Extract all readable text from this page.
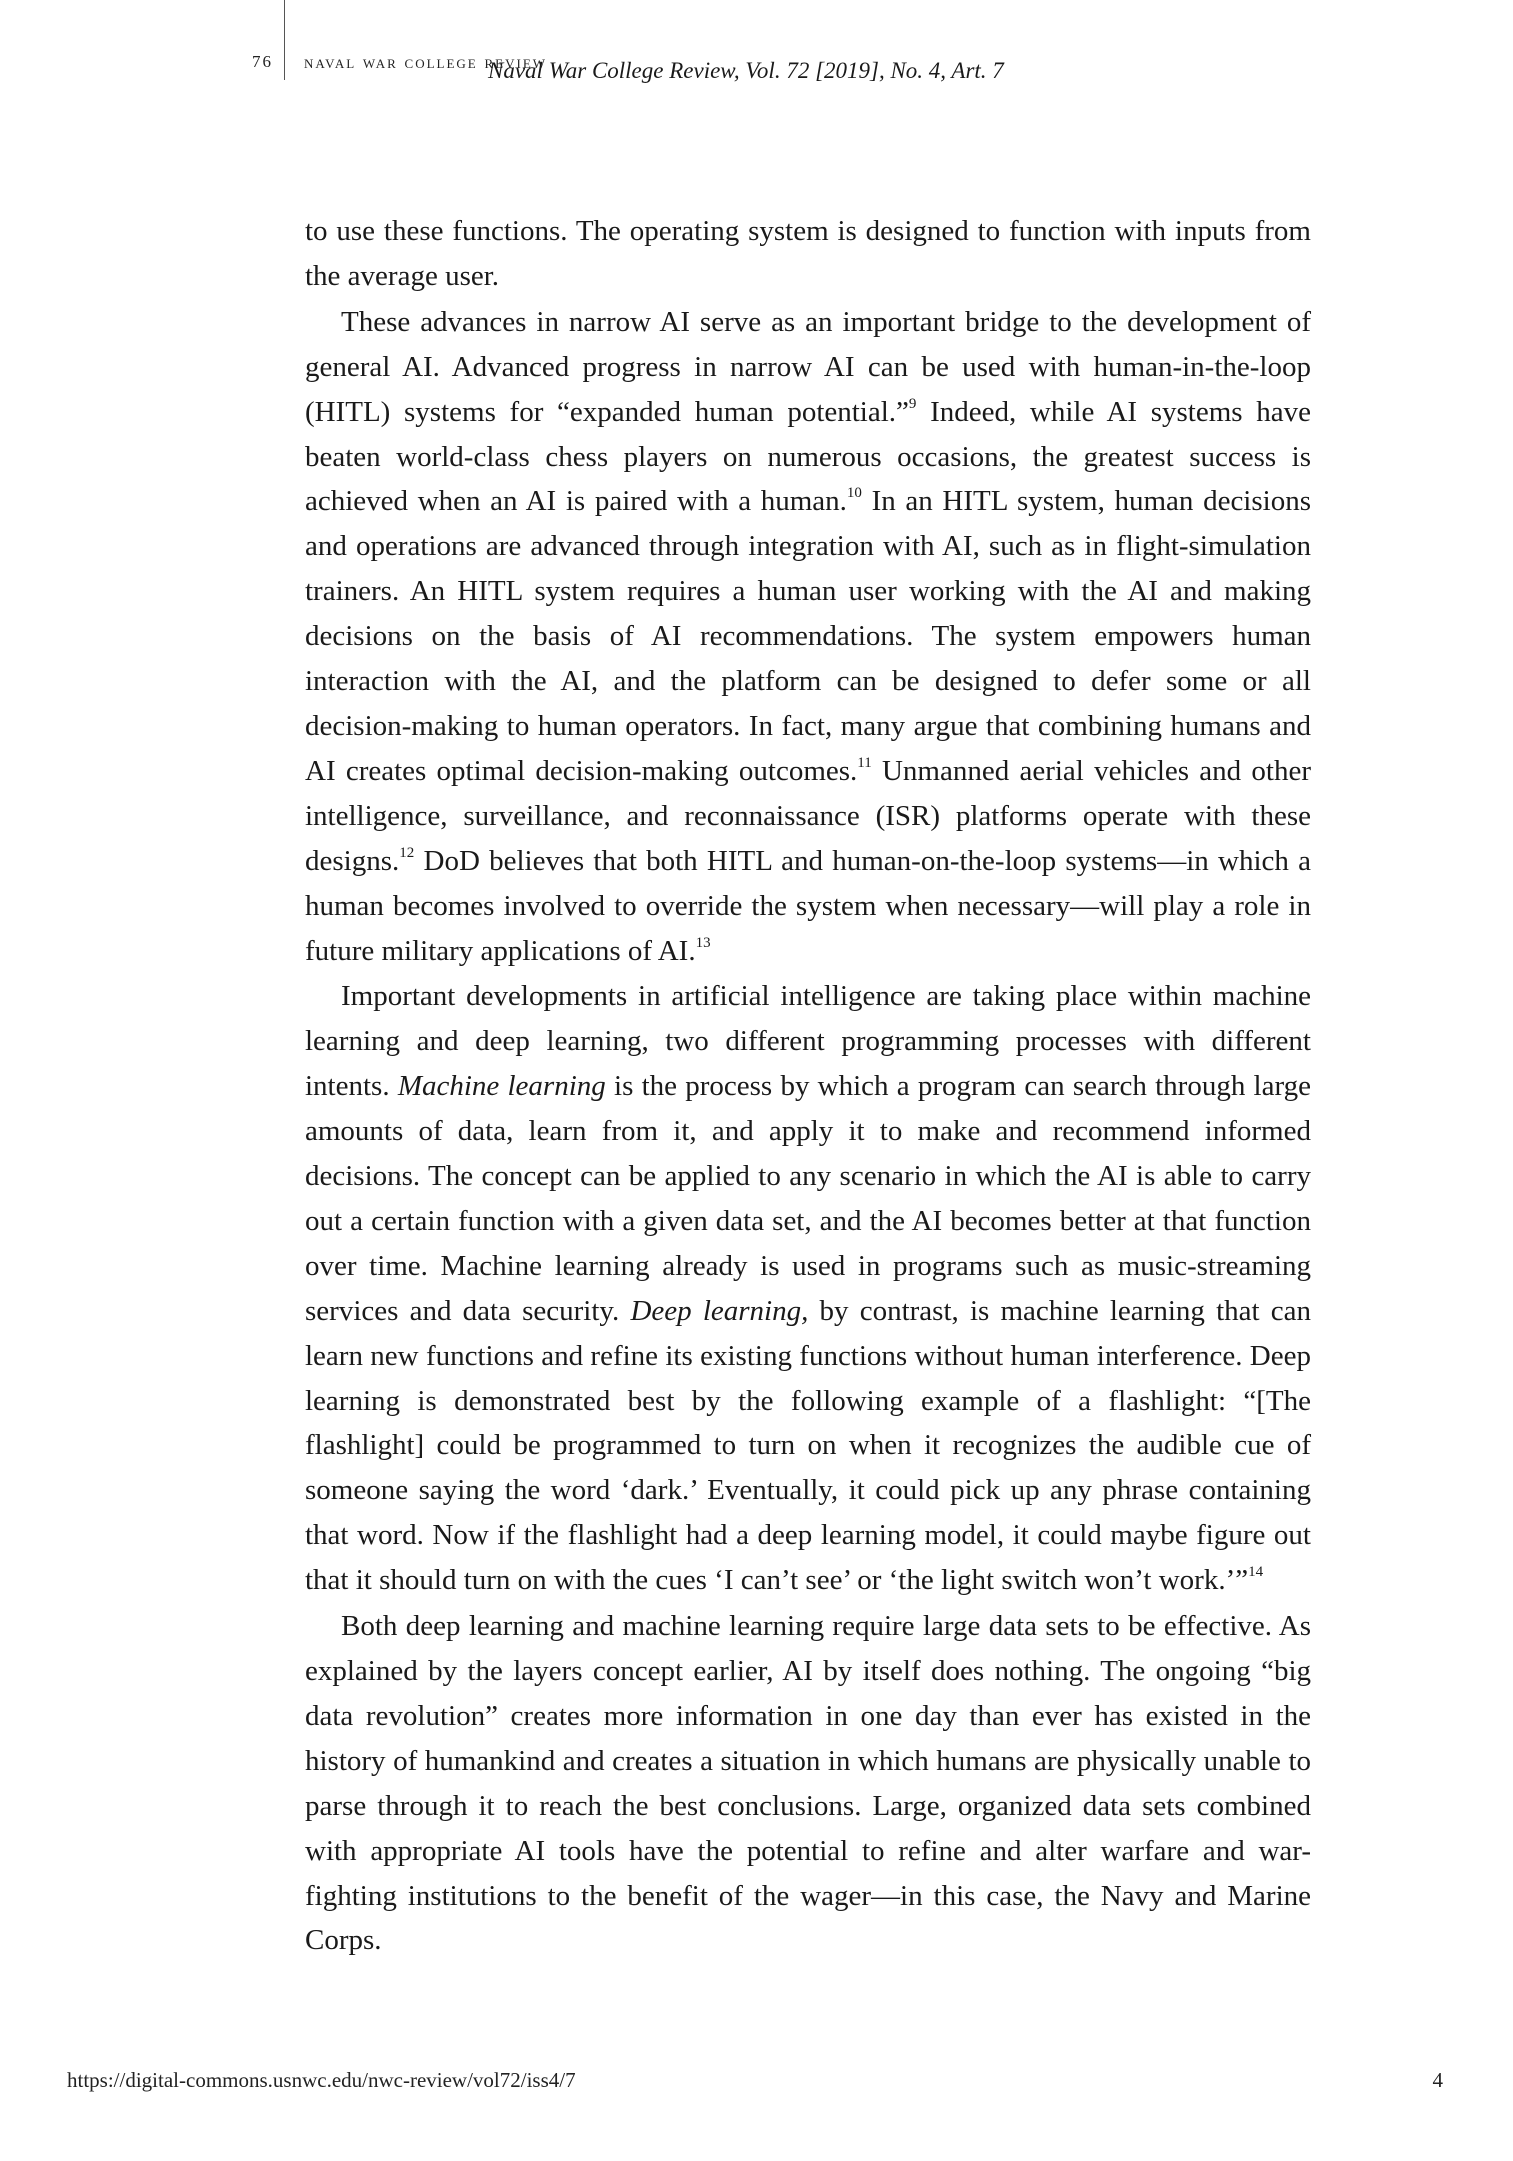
76 naval war college review
Naval War College Review, Vol. 72 [2019], No. 4, Art. 7

to use these functions. The operating system is designed to function with inputs from the average user.

These advances in narrow AI serve as an important bridge to the development of general AI. Advanced progress in narrow AI can be used with human-in-the-loop (HITL) systems for “expanded human potential.”$^9$ Indeed, while AI systems have beaten world-class chess players on numerous occasions, the greatest success is achieved when an AI is paired with a human.$^{10}$ In an HITL system, human decisions and operations are advanced through integration with AI, such as in flight-simulation trainers. An HITL system requires a human user working with the AI and making decisions on the basis of AI recommendations. The system empowers human interaction with the AI, and the platform can be designed to defer some or all decision-making to human operators. In fact, many argue that combining humans and AI creates optimal decision-making outcomes.$^{11}$ Unmanned aerial vehicles and other intelligence, surveillance, and reconnaissance (ISR) platforms operate with these designs.$^{12}$ DoD believes that both HITL and human-on-the-loop systems—in which a human becomes involved to override the system when necessary—will play a role in future military applications of AI.$^{13}$

Important developments in artificial intelligence are taking place within machine learning and deep learning, two different programming processes with different intents. Machine learning is the process by which a program can search through large amounts of data, learn from it, and apply it to make and recommend informed decisions. The concept can be applied to any scenario in which the AI is able to carry out a certain function with a given data set, and the AI becomes better at that function over time. Machine learning already is used in programs such as music-streaming services and data security. Deep learning, by contrast, is machine learning that can learn new functions and refine its existing functions without human interference. Deep learning is demonstrated best by the following example of a flashlight: “[The flashlight] could be programmed to turn on when it recognizes the audible cue of someone saying the word ‘dark.’ Eventually, it could pick up any phrase containing that word. Now if the flashlight had a deep learning model, it could maybe figure out that it should turn on with the cues ‘I can’t see’ or ‘the light switch won’t work.’”$^{14}$

Both deep learning and machine learning require large data sets to be effective. As explained by the layers concept earlier, AI by itself does nothing. The ongoing “big data revolution” creates more information in one day than ever has existed in the history of humankind and creates a situation in which humans are physically unable to parse through it to reach the best conclusions. Large, organized data sets combined with appropriate AI tools have the potential to refine and alter warfare and war-fighting institutions to the benefit of the wager—in this case, the Navy and Marine Corps.

https://digital-commons.usnwc.edu/nwc-review/vol72/iss4/7	4
